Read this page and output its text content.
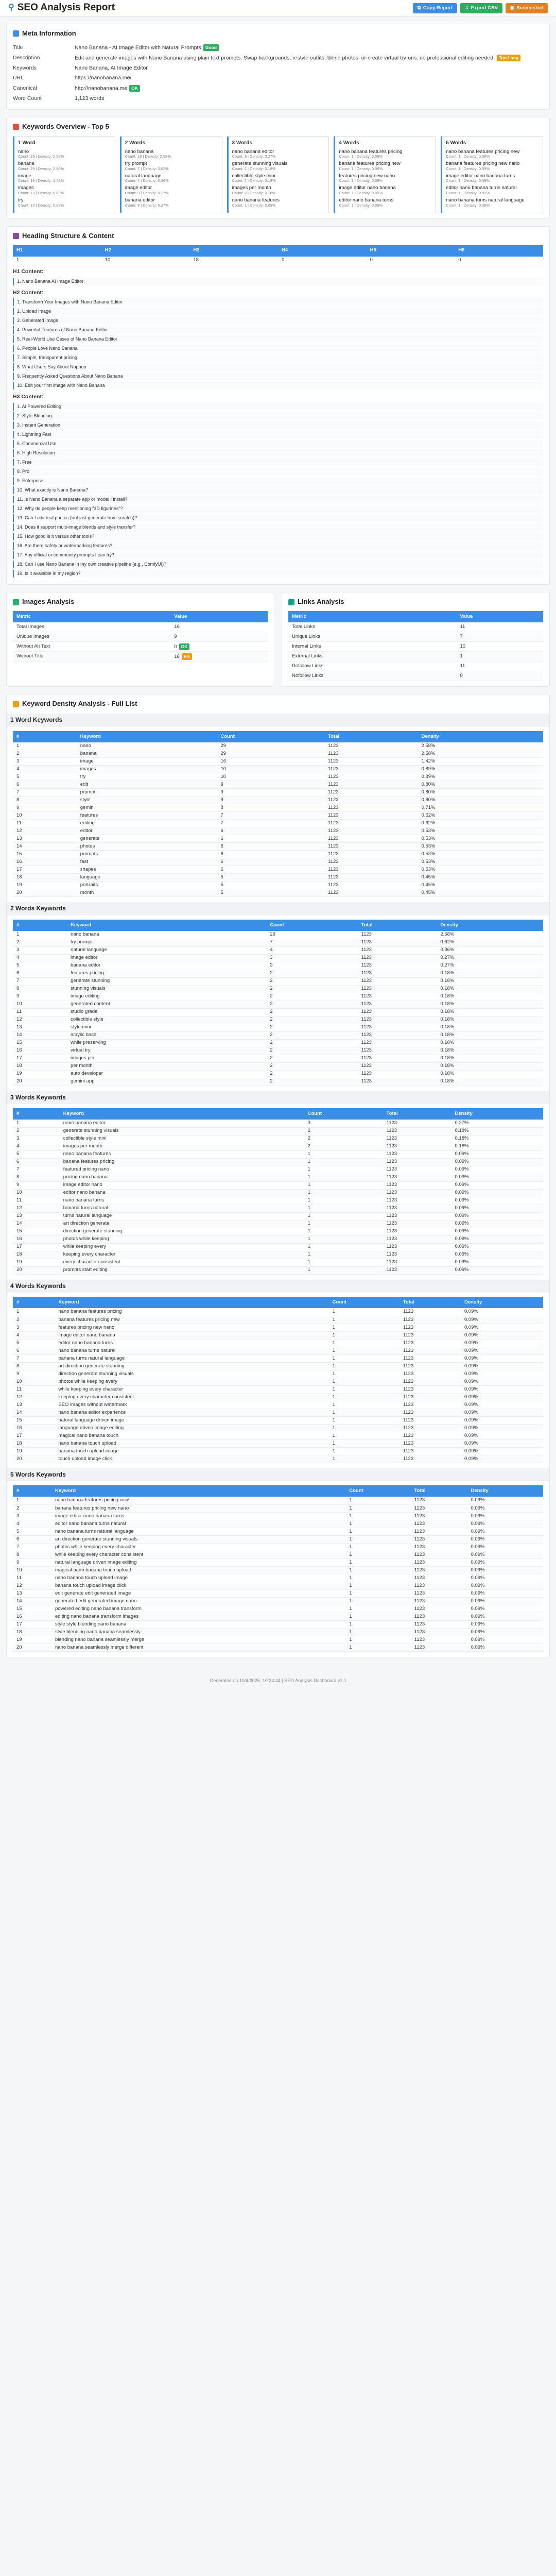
⚲ SEO Analysis Report	⧉ Copy Report	⇩ Export CSV	◉ Screenshot
Meta Information
Title	Nano Banana - AI Image Editor with Natural Prompts Good
Description	Edit and generate images with Nano Banana using plain text prompts. Swap backgrounds, restyle outfits, blend photos, or create virtual try-ons; no professional editing needed. Too Long
Keywords	Nano Banana, AI Image Editor
URL	https://nanobanana.me/
Canonical	http://nanobanana.me OK
Word Count	1,123 words
Keywords Overview - Top 5
1 Word
nano
Count: 29 | Density: 2.58%
banana
Count: 29 | Density: 2.58%
image
Count: 16 | Density: 1.42%
images
Count: 10 | Density: 0.89%
try
Count: 10 | Density: 0.89%
2 Words
nano banana
Count: 29 | Density: 2.58%
try prompt
Count: 7 | Density: 0.62%
natural language
Count: 4 | Density: 0.36%
image editor
Count: 3 | Density: 0.27%
banana editor
Count: 3 | Density: 0.27%
3 Words
nano banana editor
Count: 3 | Density: 0.27%
generate stunning visuals
Count: 2 | Density: 0.18%
collectible style mini
Count: 2 | Density: 0.18%
images per month
Count: 2 | Density: 0.18%
nano banana features
Count: 1 | Density: 0.09%
4 Words
nano banana features pricing
Count: 1 | Density: 0.09%
banana features pricing new
Count: 1 | Density: 0.09%
features pricing new nano
Count: 1 | Density: 0.09%
image editor nano banana
Count: 1 | Density: 0.09%
editor nano banana turns
Count: 1 | Density: 0.09%
5 Words
nano banana features pricing new
Count: 1 | Density: 0.09%
banana features pricing new nano
Count: 1 | Density: 0.09%
image editor nano banana turns
Count: 1 | Density: 0.09%
editor nano banana turns natural
Count: 1 | Density: 0.09%
nano banana turns natural language
Count: 1 | Density: 0.09%
Heading Structure & Content
H1	H2	H3	H4	H5	H6
1	10	18	0	0	0
H1 Content:
1. Nano Banana AI Image Editor
H2 Content:
1. Transform Your Images with Nano Banana Editor
2. Upload Image
3. Generated Image
4. Powerful Features of Nano Banana Editor
5. Real-World Use Cases of Nano Banana Editor
6. People Love Nano Banana
7. Simple, transparent pricing
8. What Users Say About Nbphoo
9. Frequently Asked Questions About Nano Banana
10. Edit your first image with Nano Banana
H3 Content:
1. AI Powered Editing
2. Style Blending
3. Instant Generation
4. Lightning Fast
5. Commercial Use
6. High Resolution
7. Free
8. Pro
9. Enterprise
10. What exactly is Nano Banana?
11. Is Nano Banana a separate app or model I install?
12. Why do people keep mentioning "3D figurines"?
13. Can I edit real photos (not just generate from scratch)?
14. Does it support multi-image blends and style transfer?
15. How good is it versus other tools?
16. Are there safety or watermarking features?
17. Any official or community prompts I can try?
18. Can I use Nano Banana in my own creative pipeline (e.g., ComfyUI)?
19. Is it available in my region?
Images Analysis
Metric	Value
Total Images	16
Unique Images	9
Without Alt Text	0 OK
Without Title	16 Fix
Links Analysis
Metric	Value
Total Links	11
Unique Links	7
Internal Links	10
External Links	1
Dofollow Links	11
Nofollow Links	0
Keyword Density Analysis - Full List
1 Word Keywords
#	Keyword	Count	Total	Density
1	nano	29	1123	2.58%
2	banana	29	1123	2.58%
3	image	16	1123	1.42%
4	images	10	1123	0.89%
5	try	10	1123	0.89%
6	edit	9	1123	0.80%
7	prompt	9	1123	0.80%
8	style	9	1123	0.80%
9	gemini	8	1123	0.71%
10	features	7	1123	0.62%
11	editing	7	1123	0.62%
12	editor	6	1123	0.53%
13	generate	6	1123	0.53%
14	photos	6	1123	0.53%
15	prompts	6	1123	0.53%
16	fast	6	1123	0.53%
17	shapes	6	1123	0.53%
18	language	5	1123	0.45%
19	portraits	5	1123	0.45%
20	month	5	1123	0.45%
2 Words Keywords
#	Keyword	Count	Total	Density
1	nano banana	29	1123	2.58%
2	try prompt	7	1123	0.62%
3	natural language	4	1123	0.36%
4	image editor	3	1123	0.27%
5	banana editor	3	1123	0.27%
6	features pricing	2	1123	0.18%
7	generate stunning	2	1123	0.18%
8	stunning visuals	2	1123	0.18%
9	image editing	2	1123	0.18%
10	generated content	2	1123	0.18%
11	studio grade	2	1123	0.18%
12	collectible style	2	1123	0.18%
13	style mini	2	1123	0.18%
14	acrylic base	2	1123	0.18%
15	while preserving	2	1123	0.18%
16	virtual try	2	1123	0.18%
17	images per	2	1123	0.18%
18	per month	2	1123	0.18%
19	auto developer	2	1123	0.18%
20	gemini app	2	1123	0.18%
3 Words Keywords
#	Keyword	Count	Total	Density
1	nano banana editor	3	1123	0.27%
2	generate stunning visuals	2	1123	0.18%
3	collectible style mini	2	1123	0.18%
4	images per month	2	1123	0.18%
5	nano banana features	1	1123	0.09%
6	banana features pricing	1	1123	0.09%
7	featured pricing nano	1	1123	0.09%
8	pricing nano banana	1	1123	0.09%
9	image editor nano	1	1123	0.09%
10	editor nano banana	1	1123	0.09%
11	nano banana turns	1	1123	0.09%
12	banana turns natural	1	1123	0.09%
13	turns natural language	1	1123	0.09%
14	art direction generate	1	1123	0.09%
15	direction generate stunning	1	1123	0.09%
16	photos while keeping	1	1123	0.09%
17	while keeping every	1	1123	0.09%
18	keeping every character	1	1123	0.09%
19	every character consistent	1	1123	0.09%
20	prompts start editing	1	1123	0.09%
4 Words Keywords
#	Keyword	Count	Total	Density
1	nano banana features pricing	1	1123	0.09%
2	banana features pricing new	1	1123	0.09%
3	features pricing new nano	1	1123	0.09%
4	image editor nano banana	1	1123	0.09%
5	editor nano banana turns	1	1123	0.09%
6	nano banana turns natural	1	1123	0.09%
7	banana turns natural language	1	1123	0.09%
8	art direction generate stunning	1	1123	0.09%
9	direction generate stunning visuals	1	1123	0.09%
10	photos while keeping every	1	1123	0.09%
11	while keeping every character	1	1123	0.09%
12	keeping every character consistent	1	1123	0.09%
13	SEO images without watermark	1	1123	0.09%
14	nano banana editor experience	1	1123	0.09%
15	natural language driven image	1	1123	0.09%
16	language driven image editing	1	1123	0.09%
17	magical nano banana touch	1	1123	0.09%
18	nano banana touch upload	1	1123	0.09%
19	banana touch upload image	1	1123	0.09%
20	touch upload image click	1	1123	0.09%
5 Words Keywords
#	Keyword	Count	Total	Density
1	nano banana features pricing new	1	1123	0.09%
2	banana features pricing new nano	1	1123	0.09%
3	image editor nano banana turns	1	1123	0.09%
4	editor nano banana turns natural	1	1123	0.09%
5	nano banana turns natural language	1	1123	0.09%
6	art direction generate stunning visuals	1	1123	0.09%
7	photos while keeping every character	1	1123	0.09%
8	while keeping every character consistent	1	1123	0.09%
9	natural language driven image editing	1	1123	0.09%
10	magical nano banana touch upload	1	1123	0.09%
11	nano banana touch upload image	1	1123	0.09%
12	banana touch upload image click	1	1123	0.09%
13	edit generate edit generated image	1	1123	0.09%
14	generated edit generated image nano	1	1123	0.09%
15	powered editing nano banana transform	1	1123	0.09%
16	editing nano banana transform images	1	1123	0.09%
17	style style blending nano banana	1	1123	0.09%
18	style blending nano banana seamlessly	1	1123	0.09%
19	blending nano banana seamlessly merge	1	1123	0.09%
20	nano banana seamlessly merge different	1	1123	0.09%
Generated on 10/4/2025, 10:24:44 | SEO Analysis Dashboard v1.1
